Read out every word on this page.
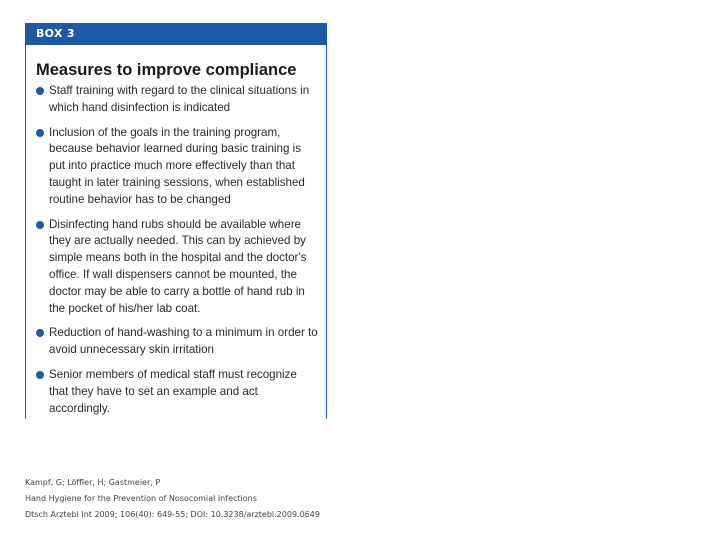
BOX 3
Measures to improve compliance
Staff training with regard to the clinical situations in which hand disinfection is indicated
Inclusion of the goals in the training program, because behavior learned during basic training is put into practice much more effectively than that taught in later training sessions, when established routine behavior has to be changed
Disinfecting hand rubs should be available where they are actually needed. This can by achieved by simple means both in the hospital and the doctor's office. If wall dispensers cannot be mounted, the doctor may be able to carry a bottle of hand rub in the pocket of his/her lab coat.
Reduction of hand-washing to a minimum in order to avoid unnecessary skin irritation
Senior members of medical staff must recognize that they have to set an example and act accordingly.
Kampf, G; Löffler, H; Gastmeier, P
Hand Hygiene for the Prevention of Nosocomial Infections
Dtsch Arztebl Int 2009; 106(40): 649-55; DOI: 10.3238/arztebl.2009.0649
